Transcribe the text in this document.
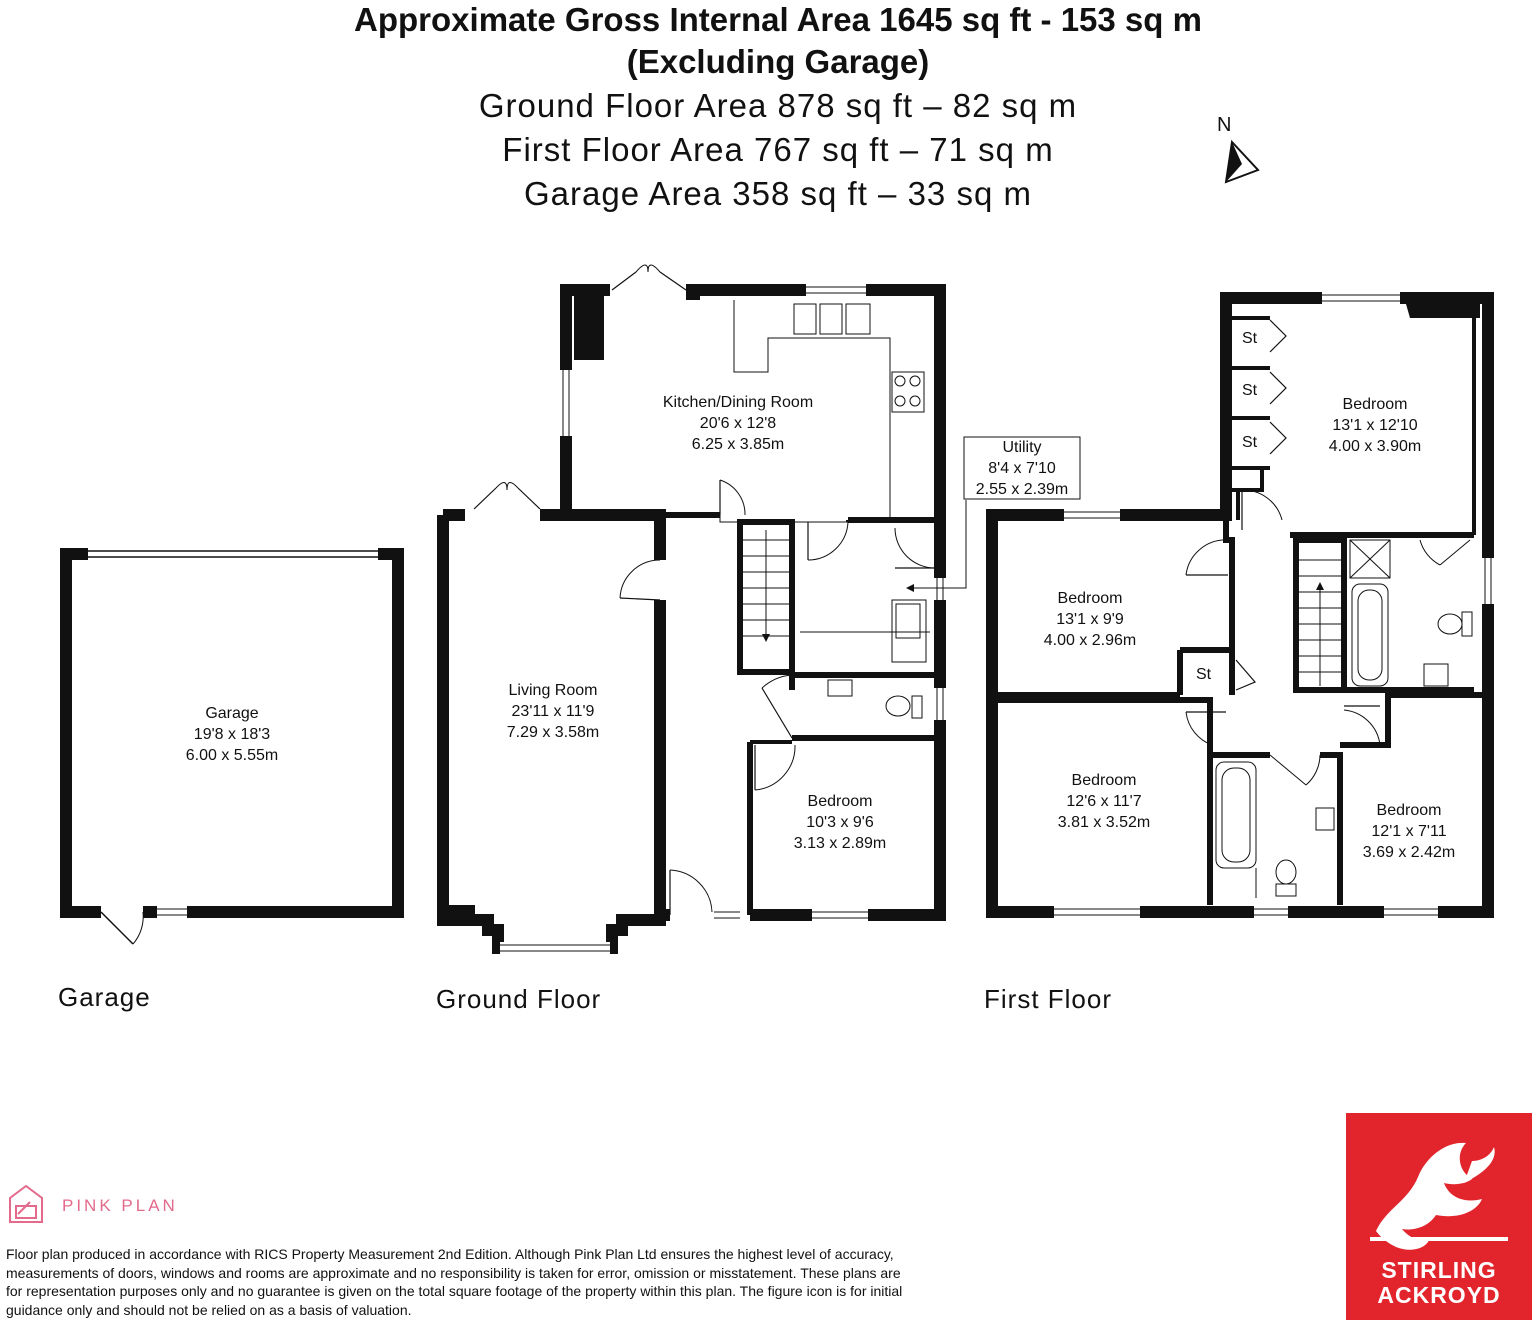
Approximate Gross Internal Area 1645 sq ft - 153 sq m
(Excluding Garage)
Ground Floor Area 878 sq ft – 82 sq m
First Floor Area 767 sq ft – 71 sq m
Garage Area 358 sq ft – 33 sq m
N
Garage
19'8 x 18'3
6.00 x 5.55m
Living Room
23'11 x 11'9
7.29 x 3.58m
Kitchen/Dining Room
20'6 x 12'8
6.25 x 3.85m	Utility
8'4 x 7'10
2.55 x 2.39m
Bedroom
10'3 x 9'6
3.13 x 2.89m
Bedroom
13'1 x 12'10
4.00 x 3.90m
Bedroom
13'1 x 9'9
4.00 x 2.96m
Bedroom
12'6 x 11'7
3.81 x 3.52m
Bedroom
12'1 x 7'11
3.69 x 2.42m
St
St
St
St
Garage	Ground Floor	First Floor
PINK PLAN
Floor plan produced in accordance with RICS Property Measurement 2nd Edition. Although Pink Plan Ltd ensures the highest level of accuracy, measurements of doors, windows and rooms are approximate and no responsibility is taken for error, omission or misstatement. These plans are for representation purposes only and no guarantee is given on the total square footage of the property within this plan. The figure icon is for initial guidance only and should not be relied on as a basis of valuation.
STIRLING
ACKROYD
